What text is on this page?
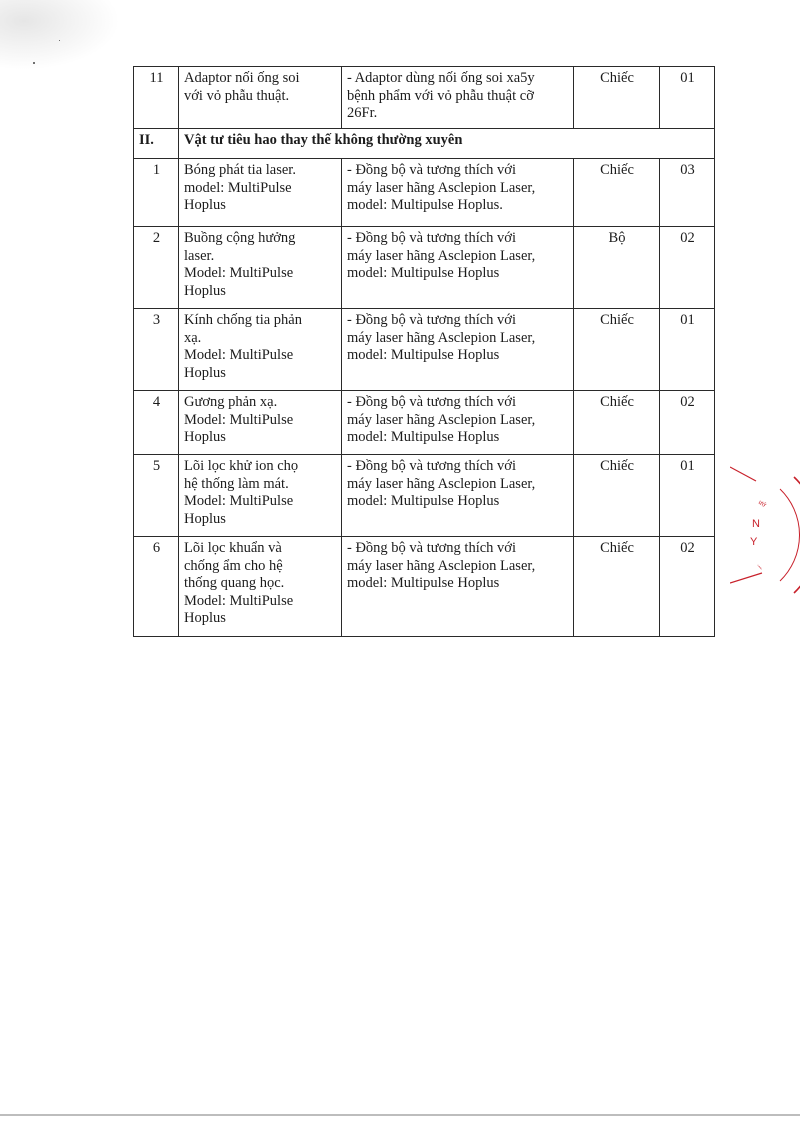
11	Adaptor nối ống soi
với vỏ phẫu thuật.	- Adaptor dùng nối ống soi xa5y
bệnh phẩm với vỏ phẫu thuật cỡ
26Fr.	Chiếc	01
II.	Vật tư tiêu hao thay thế không thường xuyên			
1	Bóng phát tia laser.
model: MultiPulse
Hoplus	- Đồng bộ và tương thích với
máy laser hãng Asclepion Laser,
model: Multipulse Hoplus.	Chiếc	03
2	Buồng cộng hưởng
laser.
Model: MultiPulse
Hoplus	- Đồng bộ và tương thích với
máy laser hãng Asclepion Laser,
model: Multipulse Hoplus	Bộ	02
3	Kính chống tia phản
xạ.
Model: MultiPulse
Hoplus	- Đồng bộ và tương thích với
máy laser hãng Asclepion Laser,
model: Multipulse Hoplus	Chiếc	01
4	Gương phản xạ.
Model: MultiPulse
Hoplus	- Đồng bộ và tương thích với
máy laser hãng Asclepion Laser,
model: Multipulse Hoplus	Chiếc	02
5	Lõi lọc khử ion chọ
hệ thống làm mát.
Model: MultiPulse
Hoplus	- Đồng bộ và tương thích với
máy laser hãng Asclepion Laser,
model: Multipulse Hoplus	Chiếc	01
6	Lõi lọc khuẩn và
chống ẩm cho hệ
thống quang học.
Model: MultiPulse
Hoplus	- Đồng bộ và tương thích với
máy laser hãng Asclepion Laser,
model: Multipulse Hoplus	Chiếc	02
N
Y
ướ
ị
